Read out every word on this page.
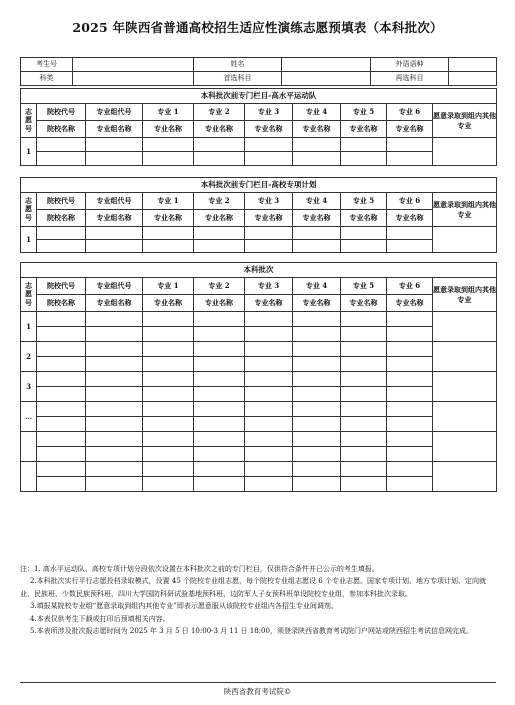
2025 年陕西省普通高校招生适应性演练志愿预填表（本科批次）
考生号		姓名		外语语种	
科类		首选科目		再选科目	
本科批次前专门栏目-高水平运动队									
志
愿
号	院校代号	专业组代号	专业 1	专业 2	专业 3	专业 4	专业 5	专业 6	愿意录取到组内其他专业
	院校名称	专业组名称	专业名称	专业名称	专业名称	专业名称	专业名称	专业名称	
1									

本科批次前专门栏目-高校专项计划									
志
愿
号	院校代号	专业组代号	专业 1	专业 2	专业 3	专业 4	专业 5	专业 6	愿意录取到组内其他专业
	院校名称	专业组名称	专业名称	专业名称	专业名称	专业名称	专业名称	专业名称	
1									

本科批次									
志
愿
号	院校代号	专业组代号	专业 1	专业 2	专业 3	专业 4	专业 5	专业 6	愿意录取到组内其他专业
	院校名称	专业组名称	专业名称	专业名称	专业名称	专业名称	专业名称	专业名称	
1									

2									

3									

…									

注：1. 高水平运动队、高校专项计划分段依次设置在本科批次之前的专门栏目，仅供符合条件并已公示的考生填报。

2.本科批次实行平行志愿投档录取模式，设置 45 个院校专业组志愿，每个院校专业组志愿设 6 个专业志愿。国家专项计划、地方专项计划、定向就业、民族班、少数民族预科班、四川大学国防科研试验基地预科班、边防军人子女预科班单设院校专业组，参加本科批次录取。

3.填报某院校专业组“愿意录取到组内其他专业”即表示愿意服从该院校专业组内各招生专业间调剂。

4.本表仅供考生下载或打印后预填相关内容。

5.本表所涉及批次报志愿时间为 2025 年 3 月 5 日 10:00-3 月 11 日 18:00，须登录陕西省教育考试院门户网站或陕西招生考试信息网完成。

陕西省教育考试院©
